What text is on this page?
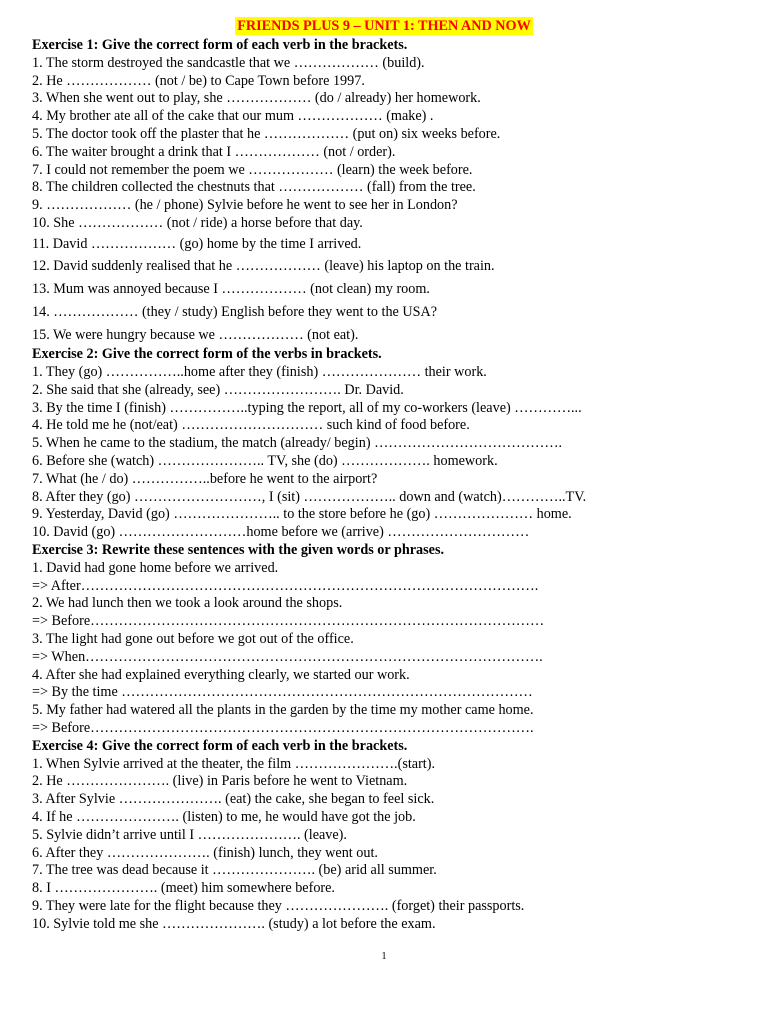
FRIENDS PLUS 9 – UNIT 1: THEN AND NOW
Exercise 1: Give the correct form of each verb in the brackets.
1. The storm destroyed the sandcastle that we ……………… (build).
2. He ……………… (not / be) to Cape Town before 1997.
3. When she went out to play, she ……………… (do / already) her homework.
4. My brother ate all of the cake that our mum ……………… (make) .
5. The doctor took off the plaster that he ……………… (put on) six weeks before.
6. The waiter brought a drink that I ……………… (not / order).
7. I could not remember the poem we ……………… (learn) the week before.
8. The children collected the chestnuts that ……………… (fall) from the tree.
9. ……………… (he / phone) Sylvie before he went to see her in London?
10. She ……………… (not / ride) a horse before that day.
11. David ……………… (go) home by the time I arrived.
12. David suddenly realised that he ……………… (leave) his laptop on the train.
13. Mum was annoyed because I ……………… (not clean) my room.
14. ……………… (they / study) English before they went to the USA?
15. We were hungry because we ……………… (not eat).
Exercise 2: Give the correct form of the verbs in brackets.
1. They (go) ……………..home after they (finish) ………………… their work.
2. She said that she (already, see) ……………………. Dr. David.
3. By the time I (finish) ……………..typing the report, all of my co-workers (leave) …………...
4. He told me he (not/eat) ………………………… such kind of food before.
5. When he came to the stadium, the match (already/ begin) ………………………………….
6. Before she (watch) ………………….. TV, she (do) ………………. homework.
7. What (he / do) ……………..before he went to the airport?
8. After they (go) ………………………, I (sit) ……………….. down and (watch)…………..TV.
9. Yesterday, David (go) ………………….. to the store before he (go) ………………… home.
10. David (go) ………………………home before we (arrive) …………………………
Exercise 3: Rewrite these sentences with the given words or phrases.
1. David had gone home before we arrived.
=> After…………………………………………………………………………………….
2. We had lunch then we took a look around the shops.
=> Before……………………………………………………………………………………
3. The light had gone out before we got out of the office.
=> When…………………………………………………………………………………….
4. After she had explained everything clearly, we started our work.
=> By the time ……………………………………………………………………………
5. My father had watered all the plants in the garden by the time my mother came home.
=> Before………………………………………………………………………………….
Exercise 4: Give the correct form of each verb in the brackets.
1. When Sylvie arrived at the theater, the film ………………….(start).
2. He …………………. (live) in Paris before he went to Vietnam.
3. After Sylvie …………………. (eat) the cake, she began to feel sick.
4. If he …………………. (listen) to me, he would have got the job.
5. Sylvie didn’t arrive until I …………………. (leave).
6. After they …………………. (finish) lunch, they went out.
7. The tree was dead because it …………………. (be) arid all summer.
8. I …………………. (meet) him somewhere before.
9. They were late for the flight because they …………………. (forget) their passports.
10. Sylvie told me she …………………. (study) a lot before the exam.
1
